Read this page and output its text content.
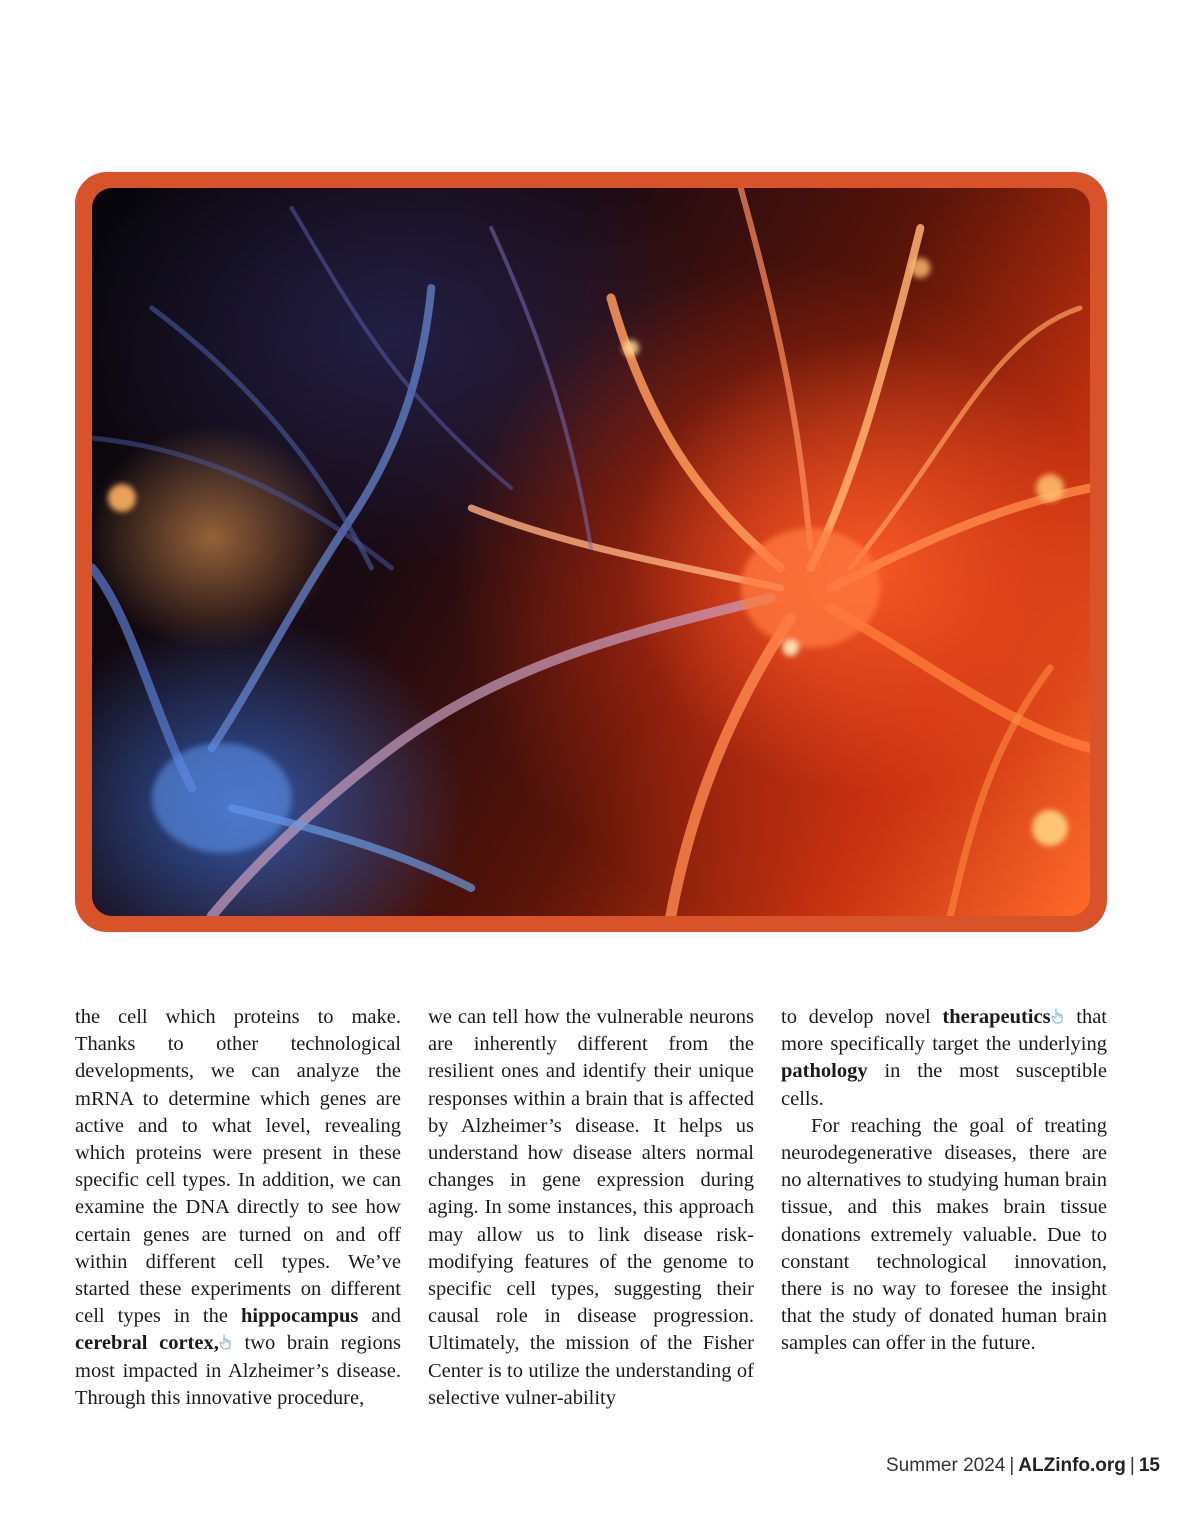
the cell which proteins to make. Thanks to other technological developments, we can analyze the mRNA to determine which genes are active and to what level, revealing which proteins were present in these specific cell types. In addition, we can examine the DNA directly to see how certain genes are turned on and off within different cell types. We’ve started these experiments on different cell types in the hippocampus and cerebral cortex, two brain regions most impacted in Alzheimer’s disease. Through this innovative procedure,

we can tell how the vulnerable neurons are inherently different from the resilient ones and identify their unique responses within a brain that is affected by Alzheimer’s disease. It helps us understand how disease alters normal changes in gene expression during aging. In some instances, this approach may allow us to link disease risk-modifying features of the genome to specific cell types, suggesting their causal role in disease progression. Ultimately, the mission of the Fisher Center is to utilize the understanding of selective vulner-ability

to develop novel therapeutics that more specifically target the underlying pathology in the most susceptible cells.

For reaching the goal of treating neurodegenerative diseases, there are no alternatives to studying human brain tissue, and this makes brain tissue donations extremely valuable. Due to constant technological innovation, there is no way to foresee the insight that the study of donated human brain samples can offer in the future.

Summer 2024 | ALZinfo.org | 15
